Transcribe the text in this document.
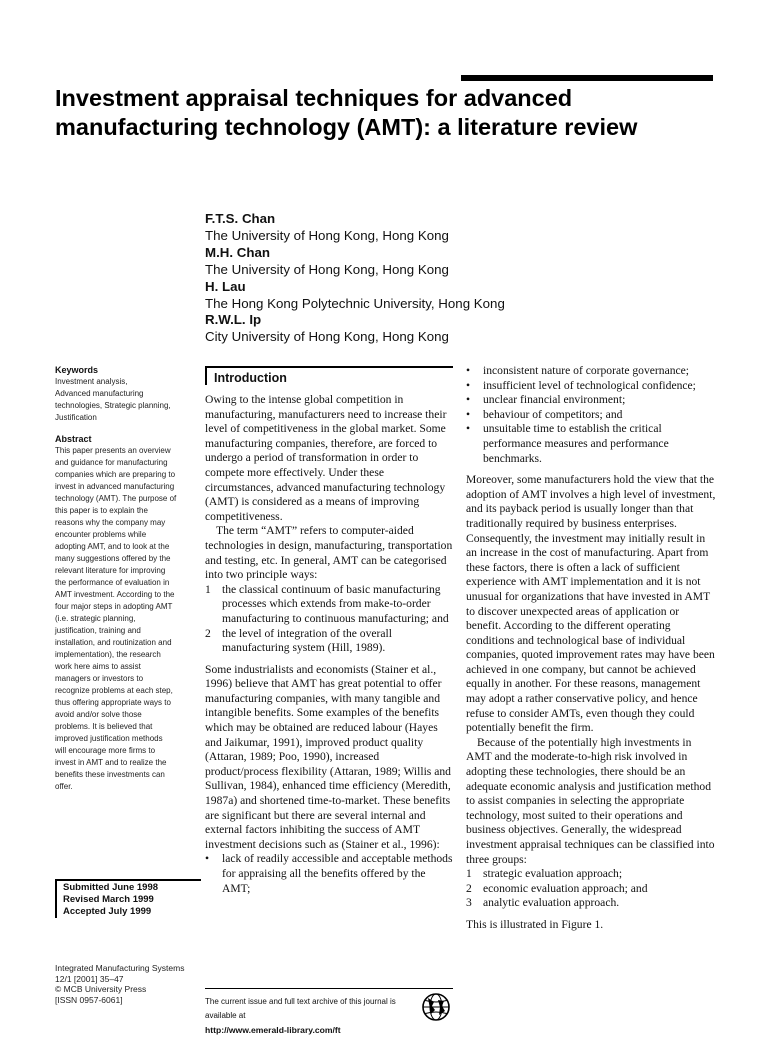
Investment appraisal techniques for advanced manufacturing technology (AMT): a literature review
F.T.S. Chan
The University of Hong Kong, Hong Kong
M.H. Chan
The University of Hong Kong, Hong Kong
H. Lau
The Hong Kong Polytechnic University, Hong Kong
R.W.L. Ip
City University of Hong Kong, Hong Kong
Keywords
Investment analysis,
Advanced manufacturing
technologies, Strategic planning,
Justification
Abstract
This paper presents an overview
and guidance for manufacturing
companies which are preparing to
invest in advanced manufacturing
technology (AMT). The purpose of
this paper is to explain the
reasons why the company may
encounter problems while
adopting AMT, and to look at the
many suggestions offered by the
relevant literature for improving
the performance of evaluation in
AMT investment. According to the
four major steps in adopting AMT
(i.e. strategic planning,
justification, training and
installation, and routinization and
implementation), the research
work here aims to assist
managers or investors to
recognize problems at each step,
thus offering appropriate ways to
avoid and/or solve those
problems. It is believed that
improved justification methods
will encourage more firms to
invest in AMT and to realize the
benefits these investments can
offer.
Submitted June 1998
Revised March 1999
Accepted July 1999
Integrated Manufacturing Systems
12/1 [2001] 35–47
© MCB University Press
[ISSN 0957-6061]
Introduction

Owing to the intense global competition in manufacturing, manufacturers need to increase their level of competitiveness in the global market. Some manufacturing companies, therefore, are forced to undergo a period of transformation in order to compete more effectively. Under these circumstances, advanced manufacturing technology (AMT) is considered as a means of improving competitiveness.

The term “AMT” refers to computer-aided technologies in design, manufacturing, transportation and testing, etc. In general, AMT can be categorised into two principle ways:

1 the classical continuum of basic manufacturing processes which extends from make-to-order manufacturing to continuous manufacturing; and
2 the level of integration of the overall manufacturing system (Hill, 1989).

Some industrialists and economists (Stainer et al., 1996) believe that AMT has great potential to offer manufacturing companies, with many tangible and intangible benefits. Some examples of the benefits which may be obtained are reduced labour (Hayes and Jaikumar, 1991), improved product quality (Attaran, 1989; Poo, 1990), increased product/process flexibility (Attaran, 1989; Willis and Sullivan, 1984), enhanced time efficiency (Meredith, 1987a) and shortened time-to-market. These benefits are significant but there are several internal and external factors inhibiting the success of AMT investment decisions such as (Stainer et al., 1996):

• lack of readily accessible and acceptable methods for appraising all the benefits offered by the AMT;
• inconsistent nature of corporate governance;
• insufficient level of technological confidence;
• unclear financial environment;
• behaviour of competitors; and
• unsuitable time to establish the critical performance measures and performance benchmarks.

Moreover, some manufacturers hold the view that the adoption of AMT involves a high level of investment, and its payback period is usually longer than that traditionally required by business enterprises. Consequently, the investment may initially result in an increase in the cost of manufacturing. Apart from these factors, there is often a lack of sufficient experience with AMT implementation and it is not unusual for organizations that have invested in AMT to discover unexpected areas of application or benefit. According to the different operating conditions and technological base of individual companies, quoted improvement rates may have been achieved in one company, but cannot be achieved equally in another. For these reasons, management may adopt a rather conservative policy, and hence refuse to consider AMTs, even though they could potentially benefit the firm.

Because of the potentially high investments in AMT and the moderate-to-high risk involved in adopting these technologies, there should be an adequate economic analysis and justification method to assist companies in selecting the appropriate technology, most suited to their operations and business objectives. Generally, the widespread investment appraisal techniques can be classified into three groups:

1 strategic evaluation approach;
2 economic evaluation approach; and
3 analytic evaluation approach.

This is illustrated in Figure 1.

The current issue and full text archive of this journal is available at
http://www.emerald-library.com/ft
